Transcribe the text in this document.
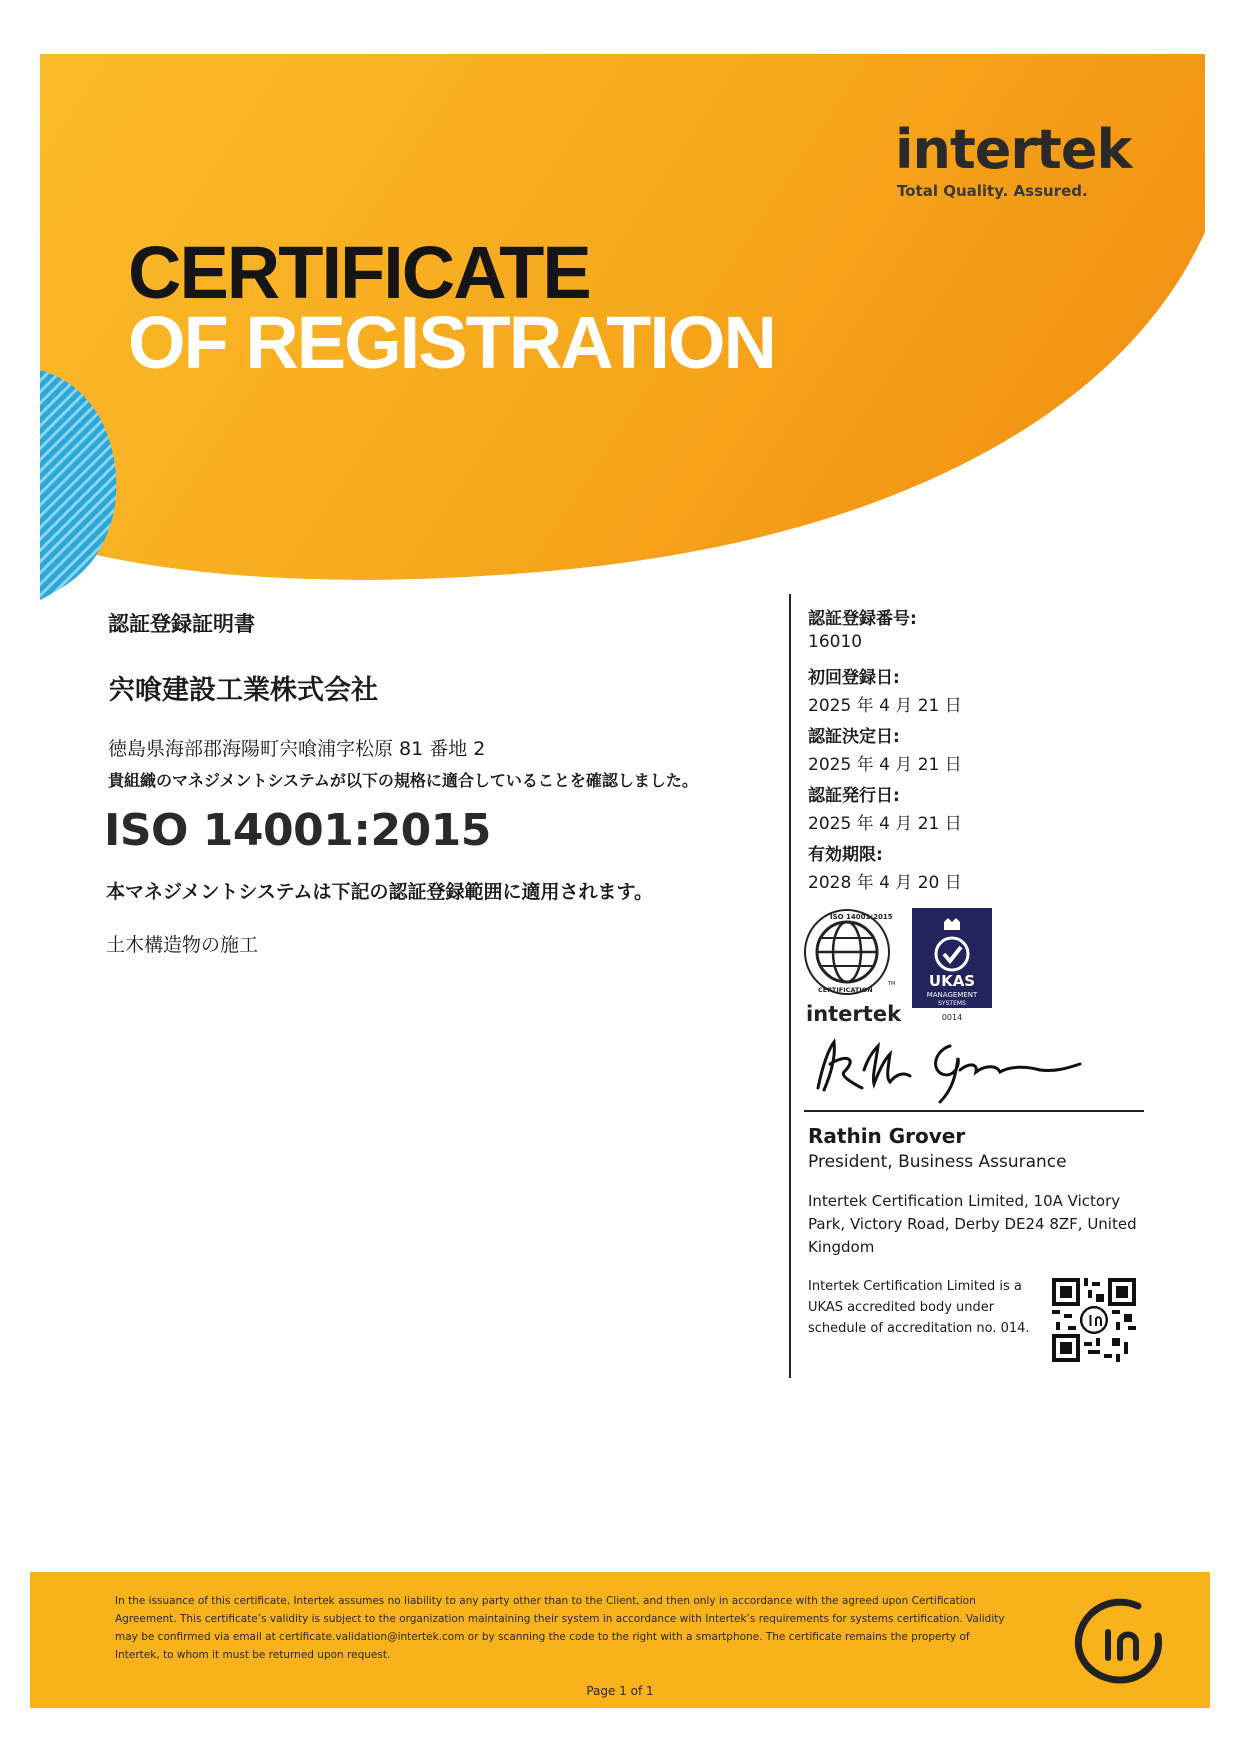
intertek
Total Quality. Assured.
CERTIFICATE
OF REGISTRATION
認証登録証明書
宍喰建設工業株式会社
徳島県海部郡海陽町宍喰浦字松原 81 番地 2
貴組織のマネジメントシステムが以下の規格に適合していることを確認しました。
ISO 14001:2015
本マネジメントシステムは下記の認証登録範囲に適用されます。
土木構造物の施工
認証登録番号:
16010
初回登録日:
2025 年 4 月 21 日
認証決定日:
2025 年 4 月 21 日
認証発行日:
2025 年 4 月 21 日
有効期限:
2028 年 4 月 20 日
ISO 14001:2015
CERTIFICATION
TM
intertek
UKAS
MANAGEMENT
SYSTEMS
0014
Rathin Grover
President, Business Assurance
Intertek Certification Limited, 10A Victory Park, Victory Road, Derby DE24 8ZF, United Kingdom
Intertek Certification Limited is a UKAS accredited body under schedule of accreditation no. 014.
In the issuance of this certificate, Intertek assumes no liability to any party other than to the Client, and then only in accordance with the agreed upon Certification Agreement. This certificate’s validity is subject to the organization maintaining their system in accordance with Intertek’s requirements for systems certification. Validity may be confirmed via email at certificate.validation@intertek.com or by scanning the code to the right with a smartphone. The certificate remains the property of Intertek, to whom it must be returned upon request.
Page 1 of 1
